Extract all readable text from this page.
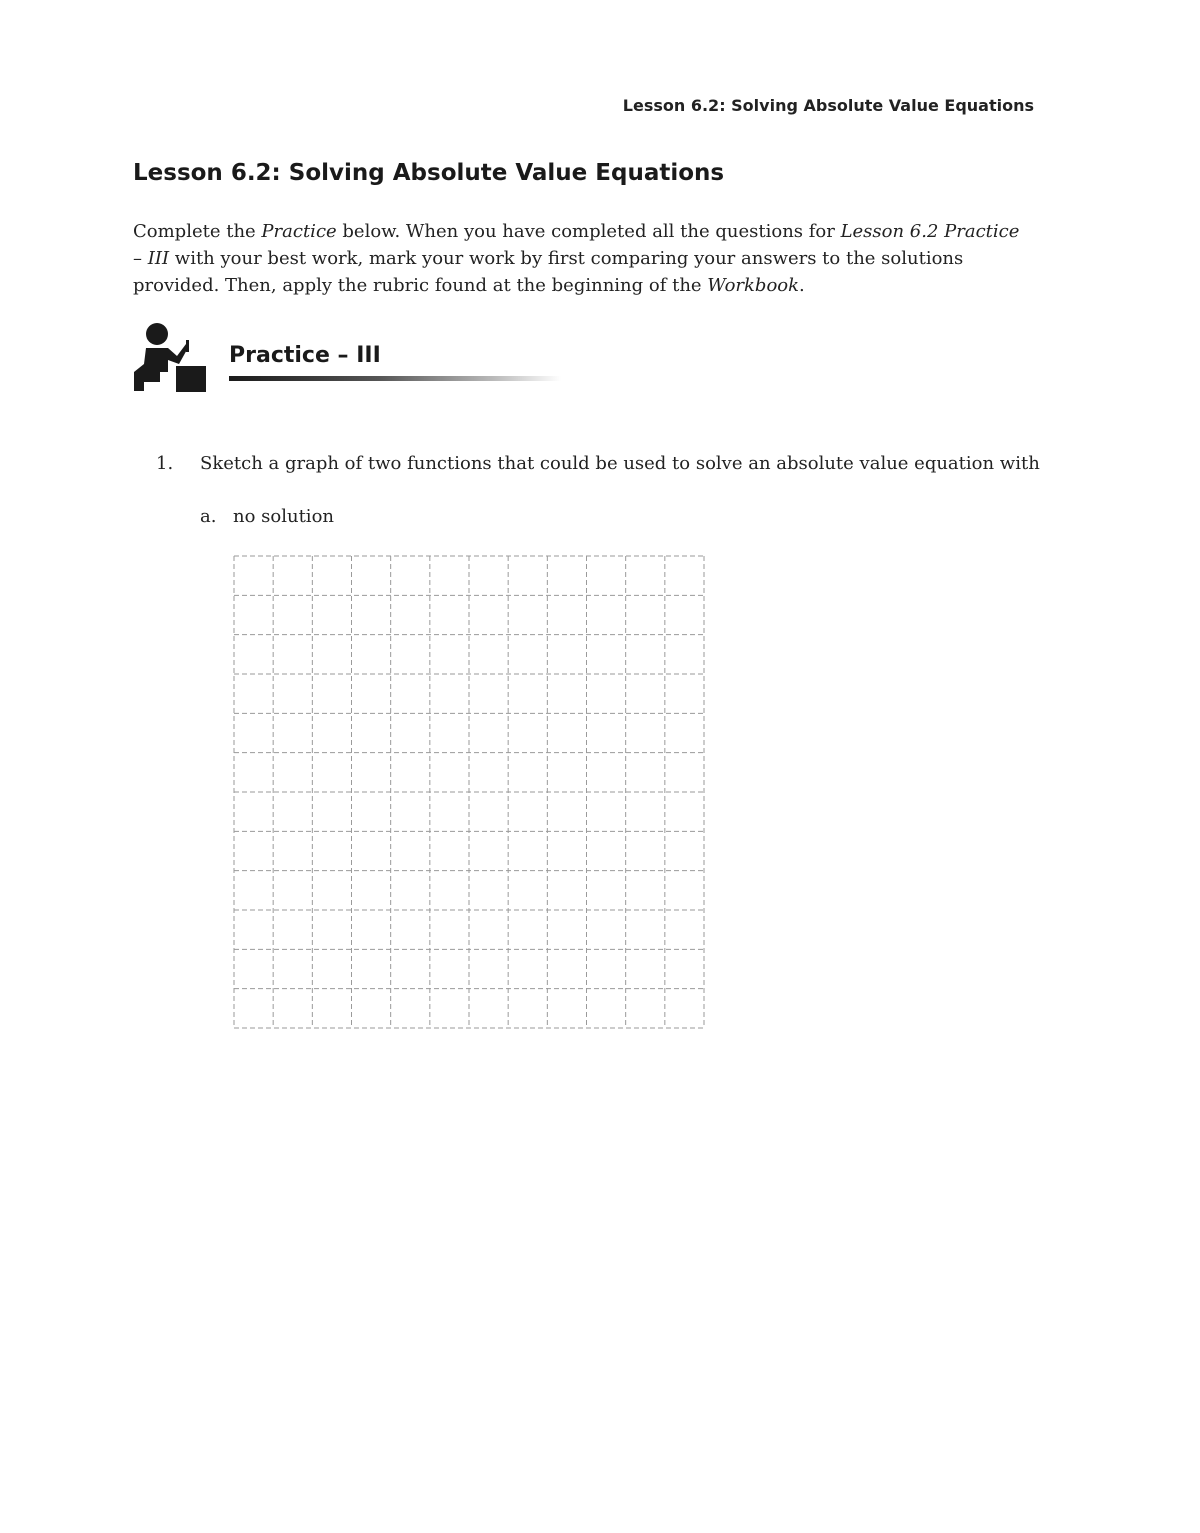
Lesson 6.2: Solving Absolute Value Equations
Lesson 6.2: Solving Absolute Value Equations
Complete the Practice below. When you have completed all the questions for Lesson 6.2 Practice
– III with your best work, mark your work by first comparing your answers to the solutions
provided. Then, apply the rubric found at the beginning of the Workbook.
Practice – III
1. Sketch a graph of two functions that could be used to solve an absolute value equation with
a. no solution
